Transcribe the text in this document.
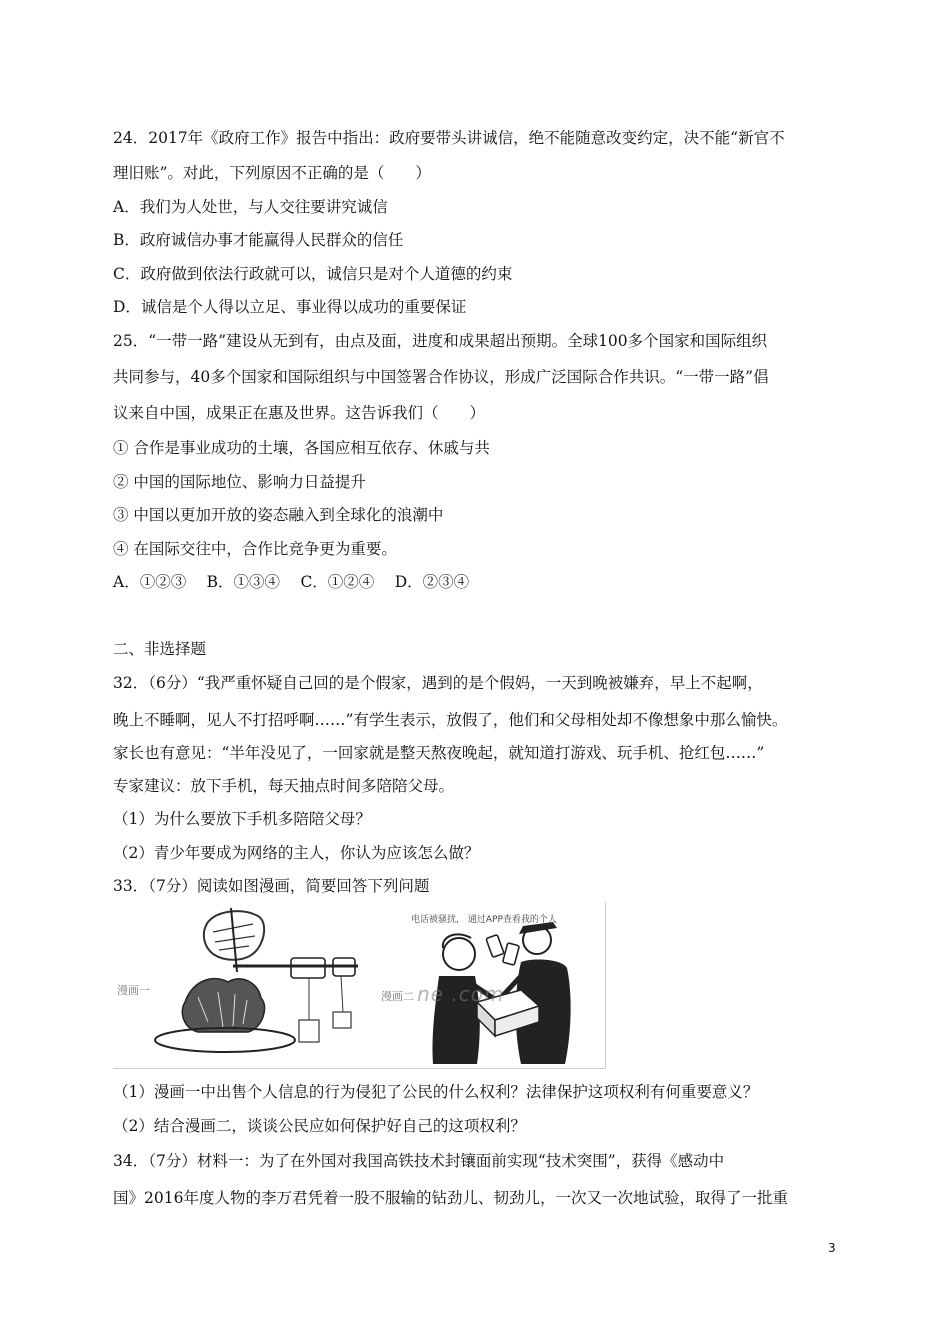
24．2017年《政府工作》报告中指出：政府要带头讲诚信，绝不能随意改变约定，决不能“新官不
理旧账”。对此，下列原因不正确的是（　　）
A．我们为人处世，与人交往要讲究诚信
B．政府诚信办事才能赢得人民群众的信任
C．政府做到依法行政就可以，诚信只是对个人道德的约束
D．诚信是个人得以立足、事业得以成功的重要保证
25．“一带一路”建设从无到有，由点及面，进度和成果超出预期。全球100多个国家和国际组织
共同参与，40多个国家和国际组织与中国签署合作协议，形成广泛国际合作共识。“一带一路”倡
议来自中国，成果正在惠及世界。这告诉我们（　　）
① 合作是事业成功的土壤，各国应相互依存、休戚与共
② 中国的国际地位、影响力日益提升
③ 中国以更加开放的姿态融入到全球化的浪潮中
④ 在国际交往中，合作比竞争更为重要。
A．①②③　 B．①③④　 C．①②④　 D．②③④
二、非选择题
32．（6分）“我严重怀疑自己回的是个假家，遇到的是个假妈，一天到晚被嫌弃，早上不起啊，
晚上不睡啊，见人不打招呼啊……”有学生表示，放假了，他们和父母相处却不像想象中那么愉快。
家长也有意见：“半年没见了，一回家就是整天熬夜晚起，就知道打游戏、玩手机、抢红包……”
专家建议：放下手机，每天抽点时间多陪陪父母。
（1）为什么要放下手机多陪陪父母？
（2）青少年要成为网络的主人，你认为应该怎么做？
33．（7分）阅读如图漫画，简要回答下列问题
漫画一
电话被骚扰， 通过APP查看我的个人
漫画二 ne .com
（1）漫画一中出售个人信息的行为侵犯了公民的什么权利？法律保护这项权利有何重要意义？
（2）结合漫画二，谈谈公民应如何保护好自己的这项权利？
34．（7分）材料一：为了在外国对我国高铁技术封镶面前实现“技术突围”，获得《感动中
国》2016年度人物的李万君凭着一股不服输的钻劲儿、韧劲儿，一次又一次地试验，取得了一批重
3
